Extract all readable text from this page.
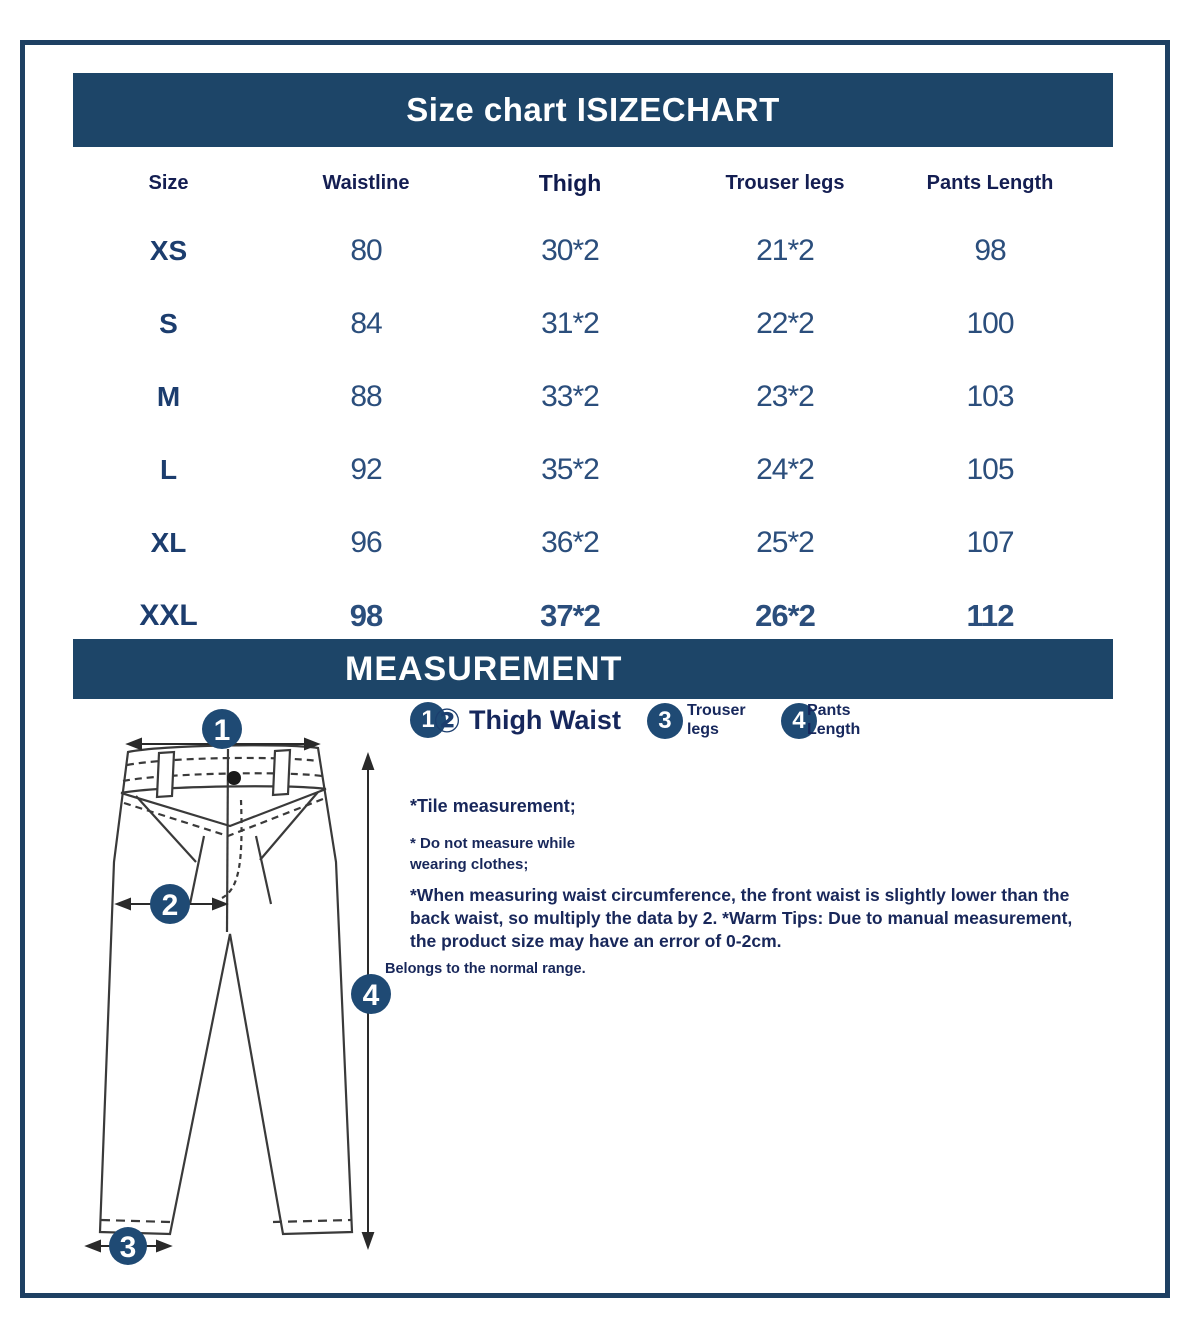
Size chart ISIZECHART
Size	Waistline	Thigh	Trouser legs	Pants Length
XS	80	30*2	21*2	98
S	84	31*2	22*2	100
M	88	33*2	23*2	103
L	92	35*2	24*2	105
XL	96	36*2	25*2	107
XXL	98	37*2	26*2	112
MEASUREMENT
1
2
3
4
1
② Thigh Waist	3 Trouser legs	4 Pants Length

*Tile measurement;

* Do not measure while wearing clothes;

*When measuring waist circumference, the front waist is slightly lower than the back waist, so multiply the data by 2. *Warm Tips: Due to manual measurement, the product size may have an error of 0-2cm.

Belongs to the normal range.
